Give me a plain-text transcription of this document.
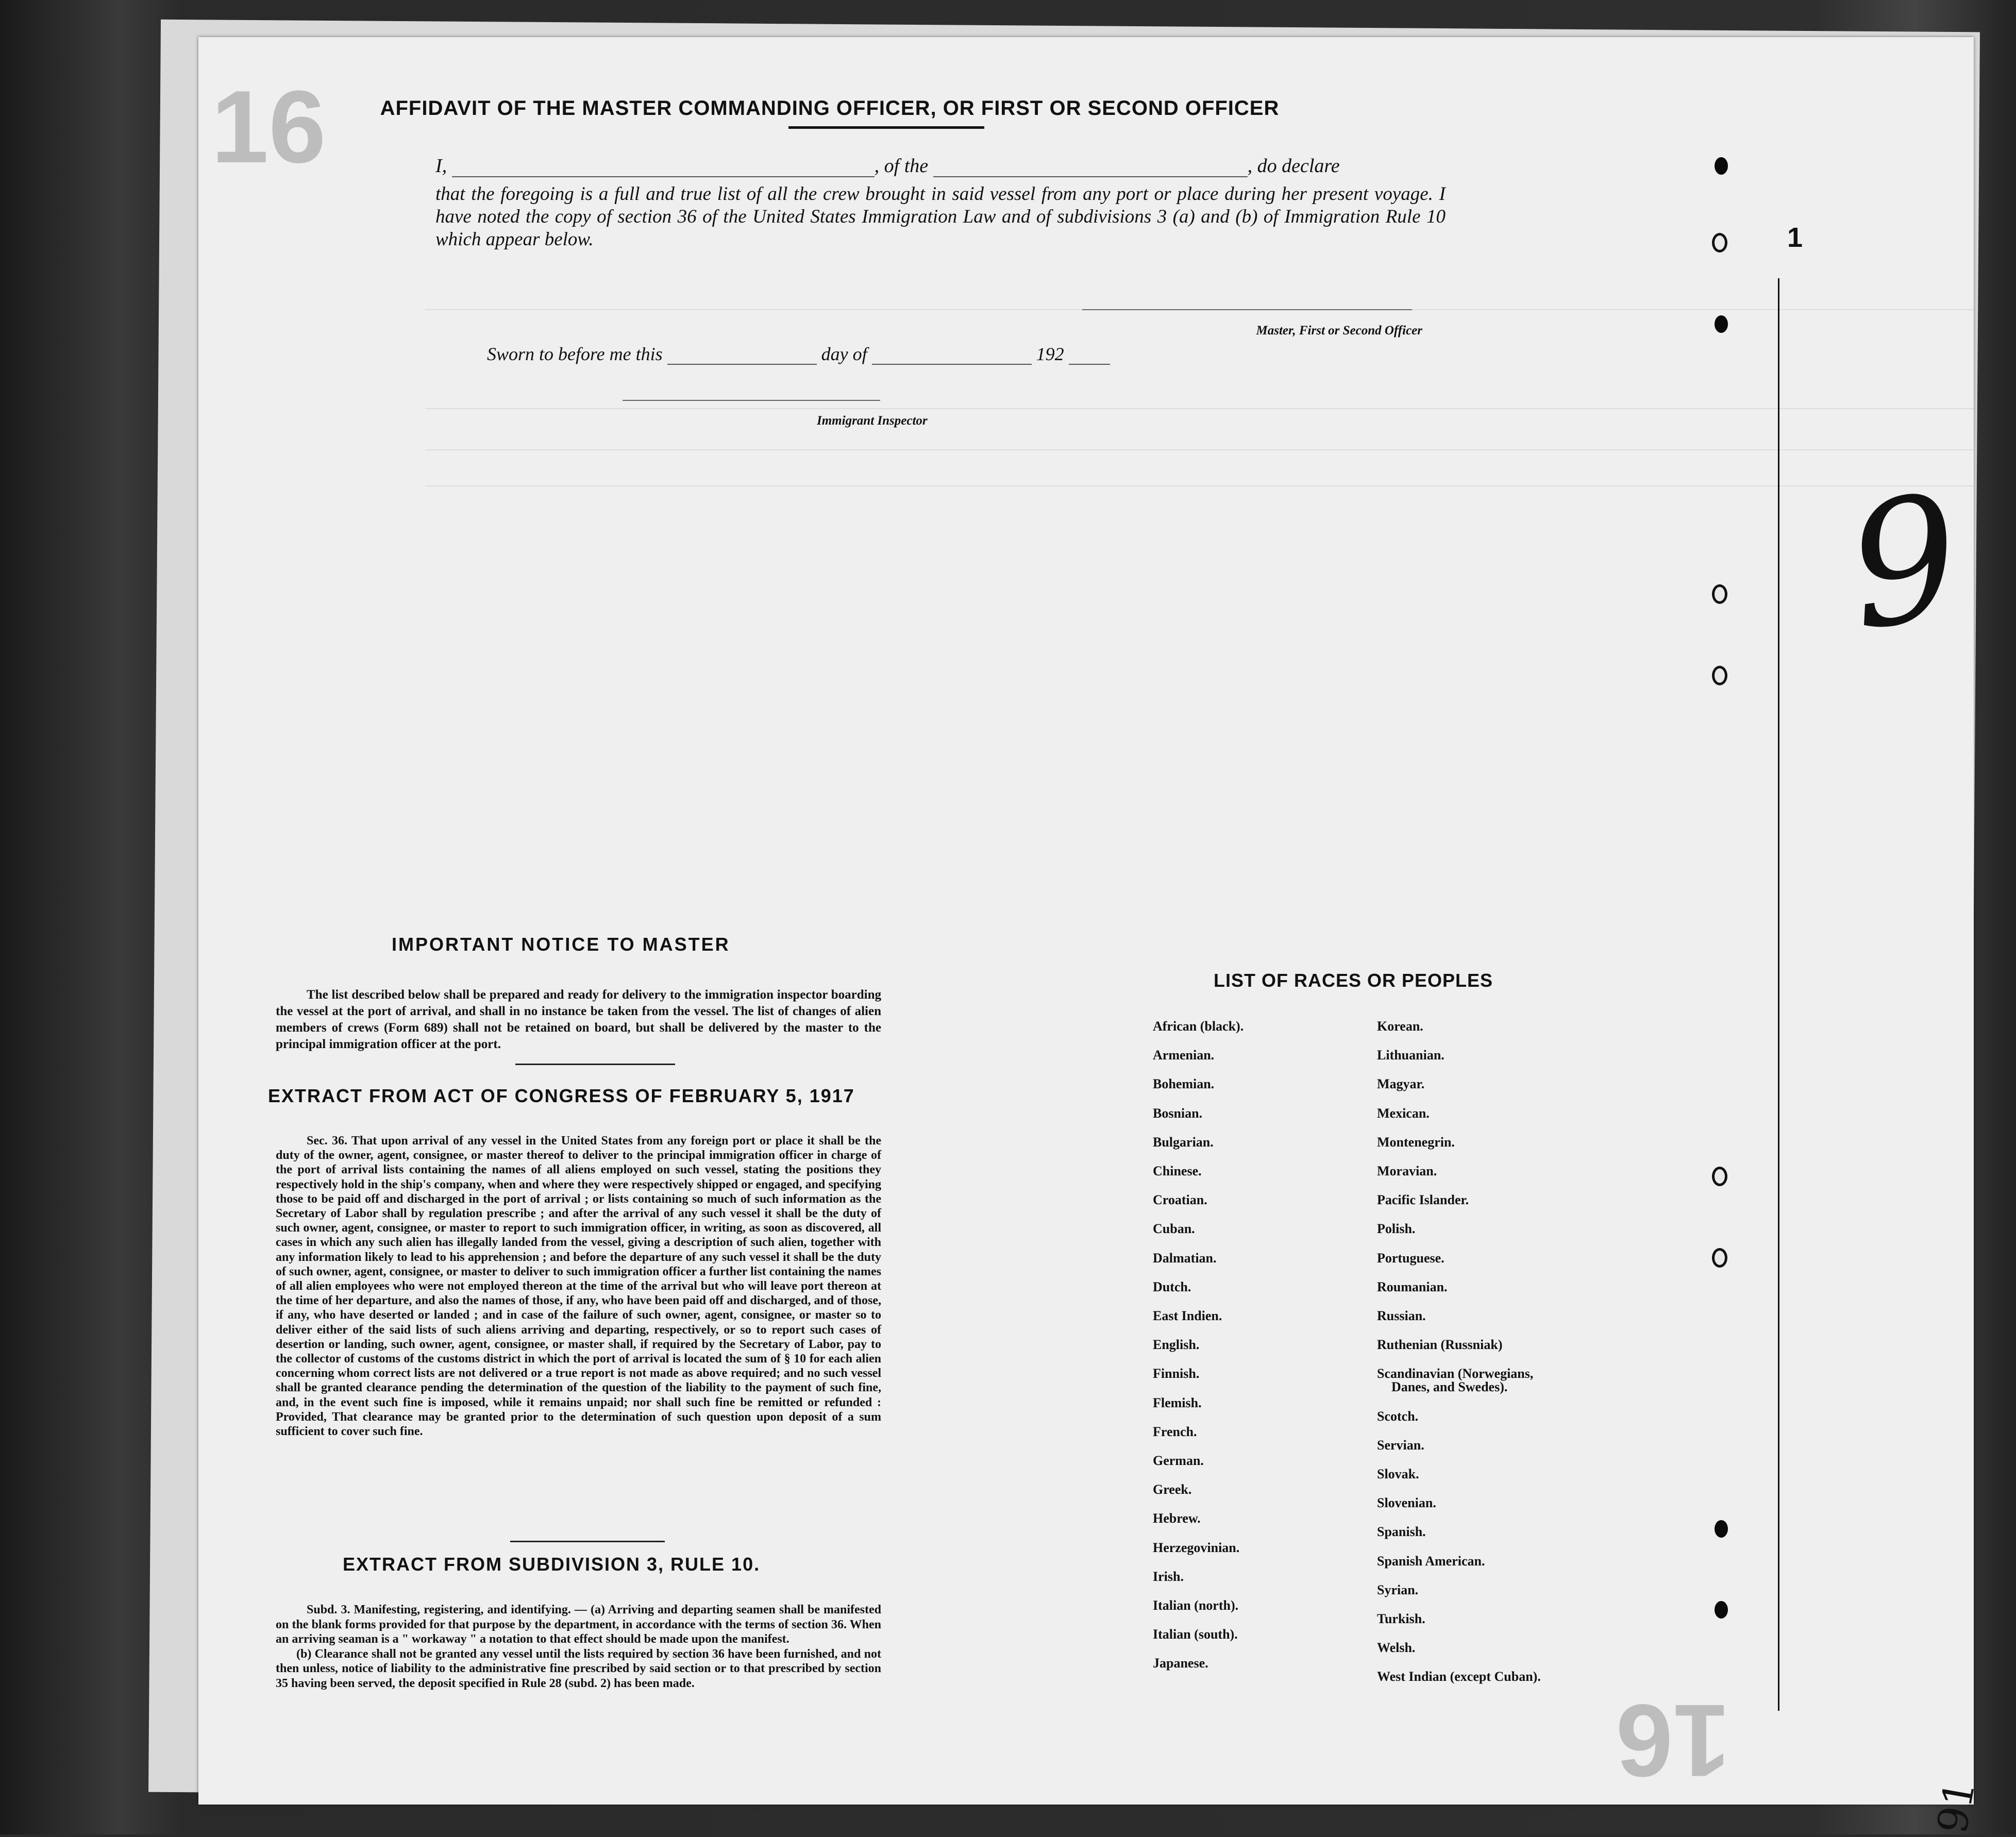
16
16
AFFIDAVIT OF THE MASTER COMMANDING OFFICER, OR FIRST OR SECOND OFFICER
I,	, of the	, do declare
that the foregoing is a full and true list of all the crew brought in said vessel from any port or place during her present voyage. I have noted the copy of section 36 of the United States Immigration Law and of subdivisions 3 (a) and (b) of Immigration Rule 10 which appear below.
Master, First or Second Officer
Sworn to before me this	day of	192
Immigrant Inspector
IMPORTANT NOTICE TO MASTER

The list described below shall be prepared and ready for delivery to the immigration inspector boarding the vessel at the port of arrival, and shall in no instance be taken from the vessel. The list of changes of alien members of crews (Form 689) shall not be retained on board, but shall be delivered by the master to the principal immigration officer at the port.

EXTRACT FROM ACT OF CONGRESS OF FEBRUARY 5, 1917

Sec. 36. That upon arrival of any vessel in the United States from any foreign port or place it shall be the duty of the owner, agent, consignee, or master thereof to deliver to the principal immigration officer in charge of the port of arrival lists containing the names of all aliens employed on such vessel, stating the positions they respectively hold in the ship's company, when and where they were respectively shipped or engaged, and specifying those to be paid off and discharged in the port of arrival ; or lists containing so much of such information as the Secretary of Labor shall by regulation prescribe ; and after the arrival of any such vessel it shall be the duty of such owner, agent, consignee, or master to report to such immigration officer, in writing, as soon as discovered, all cases in which any such alien has illegally landed from the vessel, giving a description of such alien, together with any information likely to lead to his apprehension ; and before the departure of any such vessel it shall be the duty of such owner, agent, consignee, or master to deliver to such immigration officer a further list containing the names of all alien employees who were not employed thereon at the time of the arrival but who will leave port thereon at the time of her departure, and also the names of those, if any, who have been paid off and discharged, and of those, if any, who have deserted or landed ; and in case of the failure of such owner, agent, consignee, or master so to deliver either of the said lists of such aliens arriving and departing, respectively, or so to report such cases of desertion or landing, such owner, agent, consignee, or master shall, if required by the Secretary of Labor, pay to the collector of customs of the customs district in which the port of arrival is located the sum of § 10 for each alien concerning whom correct lists are not delivered or a true report is not made as above required; and no such vessel shall be granted clearance pending the determination of the question of the liability to the payment of such fine, and, in the event such fine is imposed, while it remains unpaid; nor shall such fine be remitted or refunded : Provided, That clearance may be granted prior to the determination of such question upon deposit of a sum sufficient to cover such fine.

EXTRACT FROM SUBDIVISION 3, RULE 10.

Subd. 3. Manifesting, registering, and identifying. — (a) Arriving and departing seamen shall be manifested on the blank forms provided for that purpose by the department, in accordance with the terms of section 36. When an arriving seaman is a " workaway " a notation to that effect should be made upon the manifest.

(b) Clearance shall not be granted any vessel until the lists required by section 36 have been furnished, and not then unless, notice of liability to the administrative fine prescribed by said section or to that prescribed by section 35 having been served, the deposit specified in Rule 28 (subd. 2) has been made.

LIST OF RACES OR PEOPLES
African (black).
Armenian.
Bohemian.
Bosnian.
Bulgarian.
Chinese.
Croatian.
Cuban.
Dalmatian.
Dutch.
East Indien.
English.
Finnish.
Flemish.
French.
German.
Greek.
Hebrew.
Herzegovinian.
Irish.
Italian (north).
Italian (south).
Japanese.
Korean.
Lithuanian.
Magyar.
Mexican.
Montenegrin.
Moravian.
Pacific Islander.
Polish.
Portuguese.
Roumanian.
Russian.
Ruthenian (Russniak)
Scandinavian (Norwegians,
Danes, and Swedes).
Scotch.
Servian.
Slovak.
Slovenian.
Spanish.
Spanish American.
Syrian.
Turkish.
Welsh.
West Indian (except Cuban).
1
9
91
